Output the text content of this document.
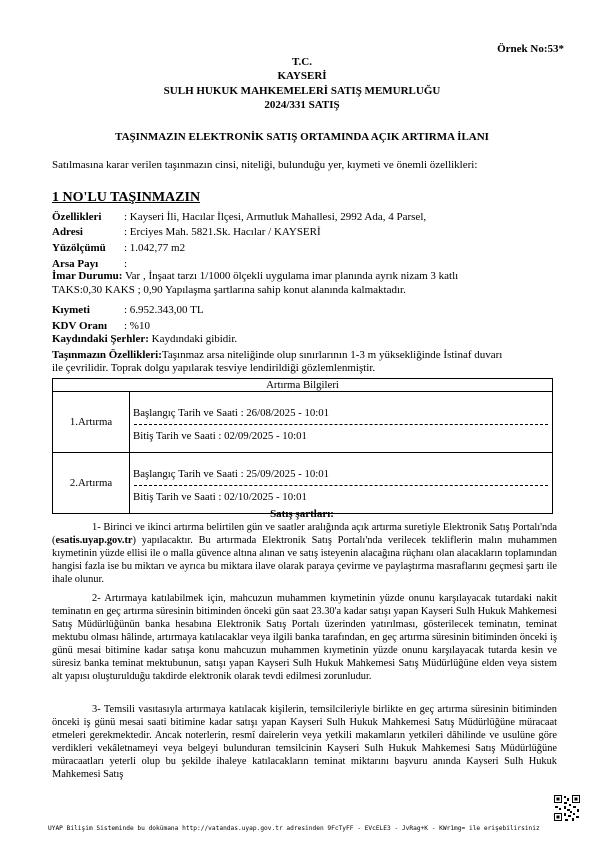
Örnek No:53*
T.C.
KAYSERİ
SULH HUKUK MAHKEMELERİ SATIŞ MEMURLUĞU
2024/331 SATIŞ
TAŞINMAZIN ELEKTRONİK SATIŞ ORTAMINDA AÇIK ARTIRMA İLANI
Satılmasına karar verilen taşınmazın cinsi, niteliği, bulunduğu yer, kıymeti ve önemli özellikleri:
1 NO'LU TAŞINMAZIN
Özellikleri : Kayseri İli, Hacılar İlçesi, Armutluk Mahallesi, 2992 Ada, 4 Parsel,
Adresi	: Erciyes Mah. 5821.Sk. Hacılar / KAYSERİ
Yüzölçümü : 1.042,77 m2
Arsa Payı :
İmar Durumu: Var , İnşaat tarzı 1/1000 ölçekli uygulama imar planında ayrık nizam 3 katlı
TAKS:0,30 KAKS ; 0,90 Yapılaşma şartlarına sahip konut alanında kalmaktadır.
Kıymeti	: 6.952.343,00 TL
KDV Oranı : %10
Kaydındaki Şerhler: Kaydındaki gibidir.
Taşınmazın Özellikleri:Taşınmaz arsa niteliğinde olup sınırlarının 1-3 m yüksekliğinde İstinaf duvarı
ile çevrilidir. Toprak dolgu yapılarak tesviye lendirildiği gözlemlenmiştir.
Artırma Bilgileri	
1.Artırma	Başlangıç Tarih ve Saati : 26/08/2025 - 10:01
Bitiş Tarih ve Saati : 02/09/2025 - 10:01

2.Artırma	Başlangıç Tarih ve Saati : 25/09/2025 - 10:01
Bitiş Tarih ve Saati : 02/10/2025 - 10:01
Satış şartları:

1- Birinci ve ikinci artırma belirtilen gün ve saatler aralığında açık artırma suretiyle Elektronik Satış Portalı'nda (esatis.uyap.gov.tr) yapılacaktır. Bu artırmada Elektronik Satış Portalı'nda verilecek tekliflerin malın muhammen kıymetinin yüzde ellisi ile o malla güvence altına alınan ve satış isteyenin alacağına rüçhanı olan alacakların toplamından hangisi fazla ise bu miktarı ve ayrıca bu miktara ilave olarak paraya çevirme ve paylaştırma masraflarını geçmesi şartı ile ihale olunur.

2- Artırmaya katılabilmek için, mahcuzun muhammen kıymetinin yüzde onunu karşılayacak tutardaki nakit teminatın en geç artırma süresinin bitiminden önceki gün saat 23.30'a kadar satışı yapan Kayseri Sulh Hukuk Mahkemesi Satış Müdürlüğünün banka hesabına Elektronik Satış Portalı üzerinden yatırılması, gösterilecek teminatın, teminat mektubu olması hâlinde, artırmaya katılacaklar veya ilgili banka tarafından, en geç artırma süresinin bitiminden önceki iş günü mesai bitimine kadar satışa konu mahcuzun muhammen kıymetinin yüzde onunu karşılayacak tutarda kesin ve süresiz banka teminat mektubunun, satışı yapan Kayseri Sulh Hukuk Mahkemesi Satış Müdürlüğüne elden veya sistem alt yapısı oluşturulduğu takdirde elektronik olarak tevdi edilmesi zorunludur.

3- Temsili vasıtasıyla artırmaya katılacak kişilerin, temsilcileriyle birlikte en geç artırma süresinin bitiminden önceki iş günü mesai saati bitimine kadar satışı yapan Kayseri Sulh Hukuk Mahkemesi Satış Müdürlüğüne müracaat etmeleri gerekmektedir. Ancak noterlerin, resmî dairelerin veya yetkili makamların yetkileri dâhilinde ve usulüne göre verdikleri vekâletnameyi veya belgeyi bulunduran temsilcinin Kayseri Sulh Hukuk Mahkemesi Satış Müdürlüğüne müracaatları yeterli olup bu şekilde ihaleye katılacakların teminat miktarını başvuru anında Kayseri Sulh Hukuk Mahkemesi Satış

UYAP Bilişim Sisteminde bu dokümana http://vatandas.uyap.gov.tr adresinden 9FcTyFF - EVcELE3 - JvRag+K - KWr1mg= ile erişebilirsiniz
